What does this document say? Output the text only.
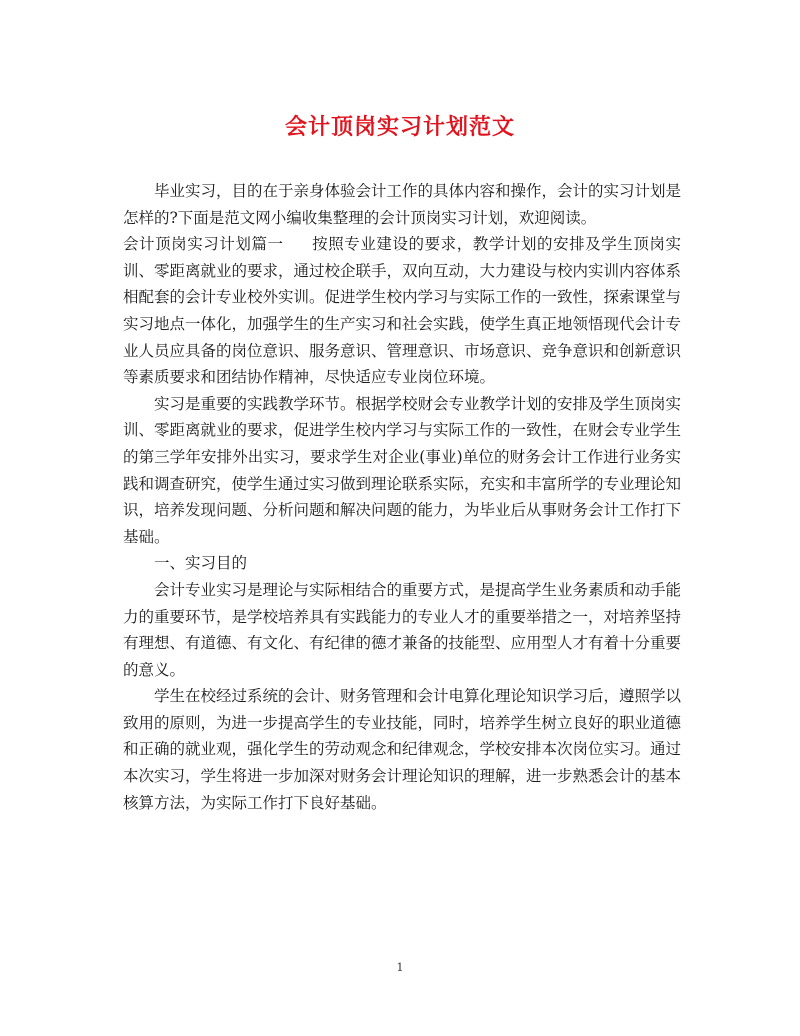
会计顶岗实习计划范文

毕业实习，目的在于亲身体验会计工作的具体内容和操作，会计的实习计划是怎样的?下面是范文网小编收集整理的会计顶岗实习计划，欢迎阅读。

会计顶岗实习计划篇一 按照专业建设的要求，教学计划的安排及学生顶岗实训、零距离就业的要求，通过校企联手，双向互动，大力建设与校内实训内容体系相配套的会计专业校外实训。促进学生校内学习与实际工作的一致性，探索课堂与实习地点一体化，加强学生的生产实习和社会实践，使学生真正地领悟现代会计专业人员应具备的岗位意识、服务意识、管理意识、市场意识、竞争意识和创新意识等素质要求和团结协作精神，尽快适应专业岗位环境。

实习是重要的实践教学环节。根据学校财会专业教学计划的安排及学生顶岗实训、零距离就业的要求，促进学生校内学习与实际工作的一致性，在财会专业学生的第三学年安排外出实习，要求学生对企业(事业)单位的财务会计工作进行业务实践和调查研究，使学生通过实习做到理论联系实际，充实和丰富所学的专业理论知识，培养发现问题、分析问题和解决问题的能力，为毕业后从事财务会计工作打下基础。

一、实习目的

会计专业实习是理论与实际相结合的重要方式，是提高学生业务素质和动手能力的重要环节，是学校培养具有实践能力的专业人才的重要举措之一，对培养坚持有理想、有道德、有文化、有纪律的德才兼备的技能型、应用型人才有着十分重要的意义。

学生在校经过系统的会计、财务管理和会计电算化理论知识学习后，遵照学以致用的原则，为进一步提高学生的专业技能，同时，培养学生树立良好的职业道德和正确的就业观，强化学生的劳动观念和纪律观念，学校安排本次岗位实习。通过本次实习，学生将进一步加深对财务会计理论知识的理解，进一步熟悉会计的基本核算方法，为实际工作打下良好基础。

1
